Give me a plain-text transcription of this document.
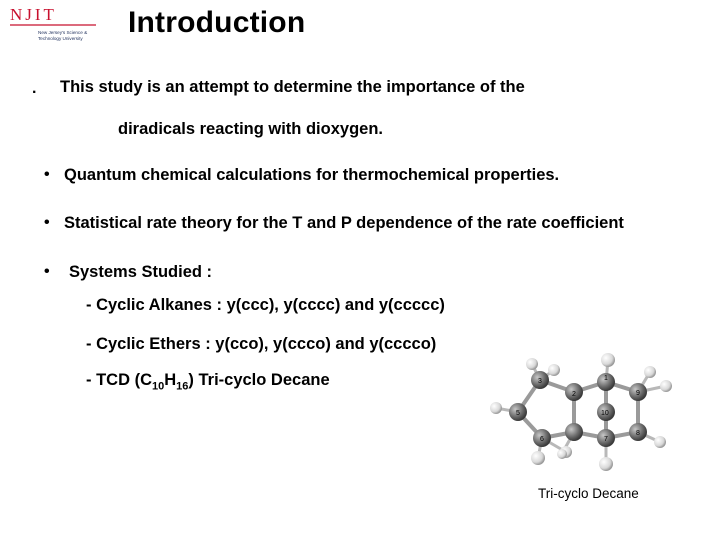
NJIT
New Jersey's Science &
Technology University Introduction
. This study is an attempt to determine the importance of the
diradicals reacting with dioxygen.
• Quantum chemical calculations for thermochemical properties.
• Statistical rate theory for the T and P dependence of the rate coefficient
• Systems Studied :
- Cyclic Alkanes : y(ccc), y(cccc) and y(ccccc)
- Cyclic Ethers : y(cco), y(ccco) and y(cccco)
- TCD $(C_{10}H_{16})$ Tri-cyclo Decane	1
2
3
5
6	7
8
9
10
Tri-cyclo Decane
